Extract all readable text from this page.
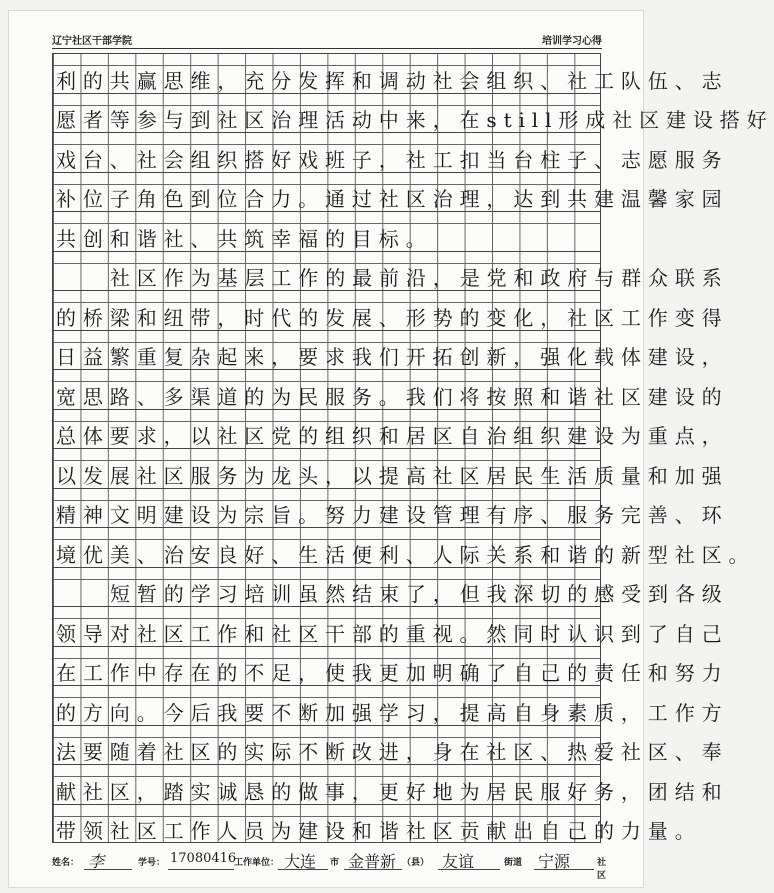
辽宁社区干部学院	培训学习心得
利的共赢思维，充分发挥和调动社会组织、社工队伍、志
愿者等参与到社区治理活动中来，在still形成社区建设搭好
戏台、社会组织搭好戏班子，社工扣当台柱子、志愿服务
补位子角色到位合力。通过社区治理，达到共建温馨家园
共创和谐社、共筑幸福的目标。
社区作为基层工作的最前沿，是党和政府与群众联系
的桥梁和纽带，时代的发展、形势的变化，社区工作变得
日益繁重复杂起来，要求我们开拓创新，强化载体建设，
宽思路、多渠道的为民服务。我们将按照和谐社区建设的
总体要求，以社区党的组织和居区自治组织建设为重点，
以发展社区服务为龙头，以提高社区居民生活质量和加强
精神文明建设为宗旨。努力建设管理有序、服务完善、环
境优美、治安良好、生活便利、人际关系和谐的新型社区。
短暂的学习培训虽然结束了，但我深切的感受到各级
领导对社区工作和社区干部的重视。然同时认识到了自己
在工作中存在的不足，使我更加明确了自己的责任和努力
的方向。今后我要不断加强学习，提高自身素质，工作方
法要随着社区的实际不断改进，身在社区、热爱社区、奉
献社区，踏实诚恳的做事，更好地为居民服好务，团结和
带领社区工作人员为建设和谐社区贡献出自己的力量。
姓名： 李	学号： 17080416
工作单位： 大连 市 金普新 （县） 友谊	街道 宁源	社区
